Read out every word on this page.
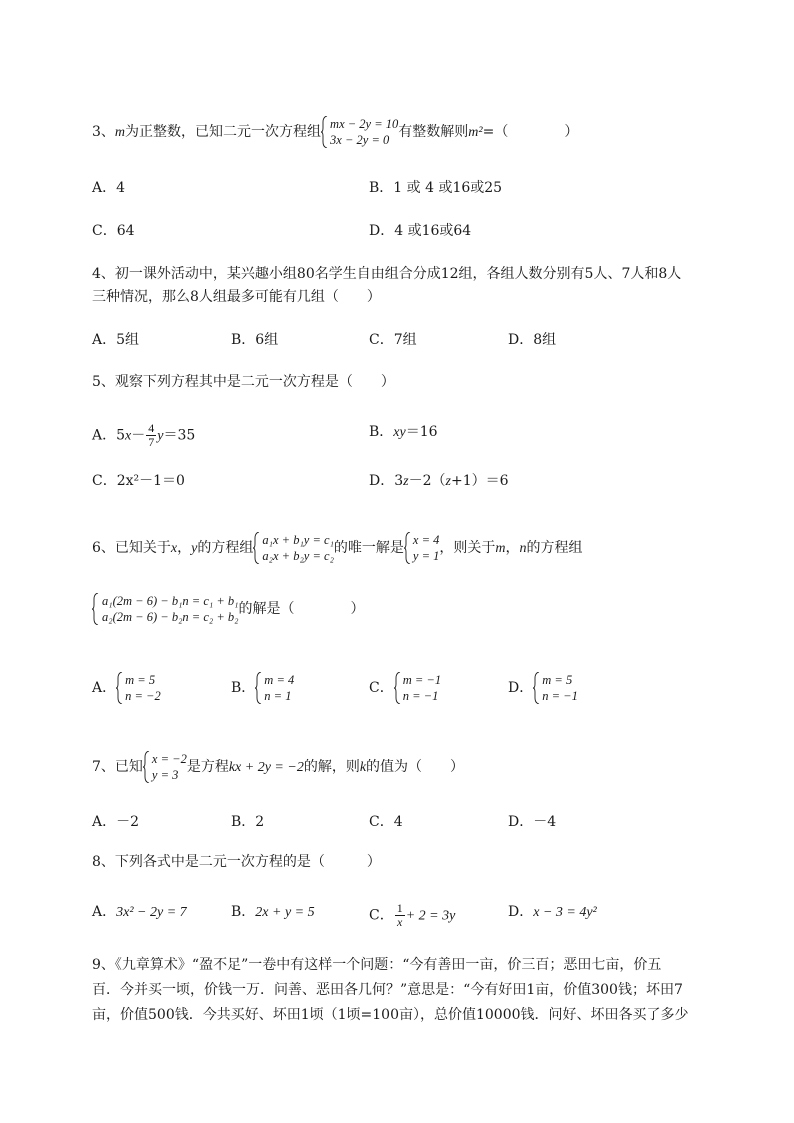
3、m为正整数，已知二元一次方程组 mx − 2y = 10
3x − 2y = 0 有整数解则m²=（　　　　）
A．4	B．1 或 4 或16或25
C．64	D．4 或16或64
4、初一课外活动中，某兴趣小组80名学生自由组合分成12组，各组人数分别有5人、7人和8人
三种情况，那么8人组最多可能有几组（　　）
A．5组	B．6组	C．7组	D．8组
5、观察下列方程其中是二元一次方程是（　　）
A．$5x- \frac{4}{7} y=35$	B．xy＝16
C．2x²－1＝0	D．3z－2（z+1）＝6
6、已知关于x，y的方程组 a₁x + b₁y = c₁
a₂x + b₂y = c₂ 的唯一解是 x = 4
y = 1 ，则关于m，n的方程组
a₁(2m − 6) − b₁n = c₁ + b₁
a₂(2m − 6) − b₂n = c₂ + b₂ 的解是（　　　　）
A． m = 5
n = −2	B． m = 4
n = 1	C． m = −1
n = −1	D． m = 5
n = −1
7、已知 x = −2
y = 3 是方程kx + 2y = −2的解，则k的值为（　　）
A．－2	B．2	C．4	D．－4
8、下列各式中是二元一次方程的是（　　　）
A．3x² − 2y = 7	B．2x + y = 5	C． $\frac{1}{x} + 2 = 3y$	D．x − 3 = 4y²
9、《九章算术》“盈不足”一卷中有这样一个问题：“今有善田一亩，价三百；恶田七亩，价五
百．今并买一顷，价钱一万．问善、恶田各几何？”意思是：“今有好田1亩，价值300钱；坏田7
亩，价值500钱．今共买好、坏田1顷（1顷=100亩），总价值10000钱．问好、坏田各买了多少
